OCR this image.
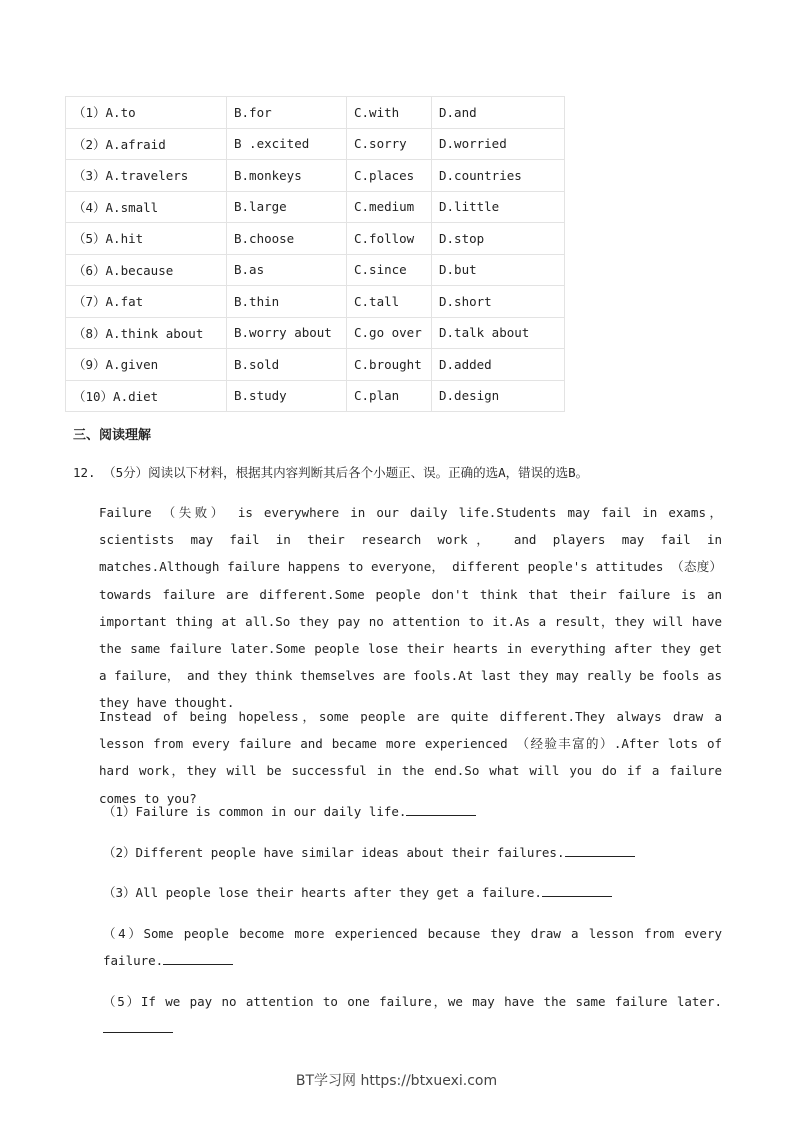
（1）A.to	B.for	C.with	D.and
（2）A.afraid	B .excited	C.sorry	D.worried
（3）A.travelers	B.monkeys	C.places	D.countries
（4）A.small	B.large	C.medium	D.little
（5）A.hit	B.choose	C.follow	D.stop
（6）A.because	B.as	C.since	D.but
（7）A.fat	B.thin	C.tall	D.short
（8）A.think about	B.worry about	C.go over	D.talk about
（9）A.given	B.sold	C.brought	D.added
（10）A.diet	B.study	C.plan	D.design
三、阅读理解
12. （5分）阅读以下材料，根据其内容判断其后各个小题正、误。正确的选A，错误的选B。

Failure （失败） is everywhere in our daily life.Students may fail in exams，scientists may fail in their research work， and players may fail in matches.Although failure happens to everyone， different people's attitudes （态度） towards failure are different.Some people don't think that their failure is an important thing at all.So they pay no attention to it.As a result，they will have the same failure later.Some people lose their hearts in everything after they get a failure， and they think themselves are fools.At last they may really be fools as they have thought.

Instead of being hopeless，some people are quite different.They always draw a lesson from every failure and became more experienced （经验丰富的）.After lots of hard work，they will be successful in the end.So what will you do if a failure comes to you?

（1）Failure is common in our daily life.

（2）Different people have similar ideas about their failures.

（3）All people lose their hearts after they get a failure.

（4）Some people become more experienced because they draw a lesson from every failure.

（5）If we pay no attention to one failure，we may have the same failure later.

BT学习网 https://btxuexi.com
